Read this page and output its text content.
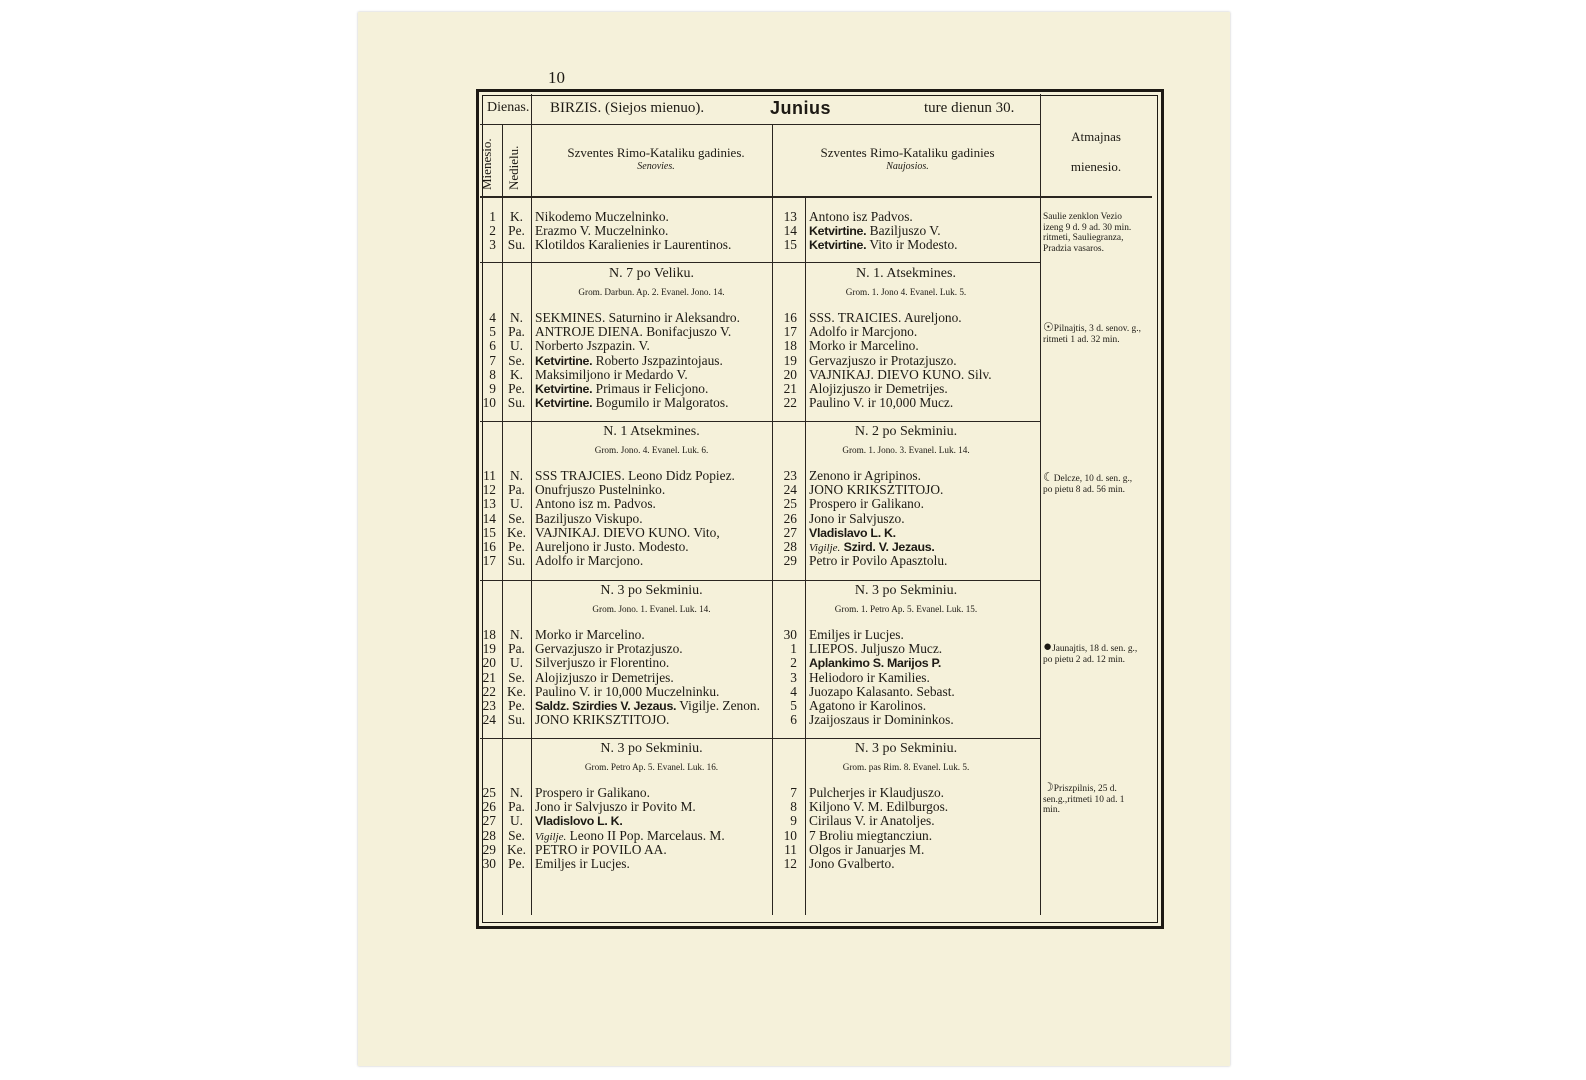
10
Dienas. BIRZIS. (Siejos mienuo).	Junius	ture dienun 30.
Mienesio. Nedielu.	Szventes Rimo-Kataliku gadinies.
Senovies.
Szventes Rimo-Kataliku gadinies
Naujosios.
Atmajnas mienesio.
1	K. Nikodemo Muczelninko.	13 Antono isz Padvos.
2 Pe. Erazmo V. Muczelninko.	14 Ketvirtine. Baziljuszo V.
3 Su. Klotildos Karalienies ir Laurentinos.	15 Ketvirtine. Vito ir Modesto.
N. 7 po Veliku.	N. 1. Atsekmines.
Grom. Darbun. Ap. 2. Evanel. Jono. 14.	Grom. 1. Jono 4. Evanel. Luk. 5.
4	N. SEKMINES. Saturnino ir Aleksandro.	16 SSS. TRAICIES. Aureljono.
5 Pa. ANTROJE DIENA. Bonifacjuszo V.	17 Adolfo ir Marcjono.
6	U. Norberto Jszpazin. V.	18 Morko ir Marcelino.
7 Se. Ketvirtine. Roberto Jszpazintojaus.	19 Gervazjuszo ir Protazjuszo.
8	K. Maksimiljono ir Medardo V.	20 VAJNIKAJ. DIEVO KUNO. Silv.
9 Pe. Ketvirtine. Primaus ir Felicjono.	21 Alojizjuszo ir Demetrijes.
10 Su. Ketvirtine. Bogumilo ir Malgoratos.	22 Paulino V. ir 10,000 Mucz.
N. 1 Atsekmines.	N. 2 po Sekminiu.
Grom. Jono. 4. Evanel. Luk. 6.	Grom. 1. Jono. 3. Evanel. Luk. 14.
11	N. SSS TRAJCIES. Leono Didz Popiez.	23 Zenono ir Agripinos.
12 Pa. Onufrjuszo Pustelninko.	24 JONO KRIKSZTITOJO.
13	U. Antono isz m. Padvos.	25 Prospero ir Galikano.
14 Se. Baziljuszo Viskupo.	26 Jono ir Salvjuszo.
15 Ke. VAJNIKAJ. DIEVO KUNO. Vito,	27 Vladislavo L. K.
16 Pe. Aureljono ir Justo. Modesto.	28 Vigilje. Szird. V. Jezaus.
17 Su. Adolfo ir Marcjono.	29 Petro ir Povilo Apasztolu.
N. 3 po Sekminiu.	N. 3 po Sekminiu.
Grom. Jono. 1. Evanel. Luk. 14.	Grom. 1. Petro Ap. 5. Evanel. Luk. 15.
18	N. Morko ir Marcelino.	30 Emiljes ir Lucjes.
19 Pa. Gervazjuszo ir Protazjuszo.	1 LIEPOS. Juljuszo Mucz.
20	U. Silverjuszo ir Florentino.	2 Aplankimo S. Marijos P.
21 Se. Alojizjuszo ir Demetrijes.	3 Heliodoro ir Kamilies.
22 Ke. Paulino V. ir 10,000 Muczelninku.	4 Juozapo Kalasanto. Sebast.
23 Pe. Saldz. Szirdies V. Jezaus. Vigilje. Zenon.	5 Agatono ir Karolinos.
24 Su. JONO KRIKSZTITOJO.	6 Jzaijoszaus ir Domininkos.
N. 3 po Sekminiu.	N. 3 po Sekminiu.
Grom. Petro Ap. 5. Evanel. Luk. 16.	Grom. pas Rim. 8. Evanel. Luk. 5.
25	N. Prospero ir Galikano.	7 Pulcherjes ir Klaudjuszo.
26 Pa. Jono ir Salvjuszo ir Povito M.	8 Kiljono V. M. Edilburgos.
27	U. Vladislovo L. K.	9 Cirilaus V. ir Anatoljes.
28 Se. Vigilje. Leono II Pop. Marcelaus. M.	10 7 Broliu miegtancziun.
29 Ke. PETRO ir POVILO AA.	11 Olgos ir Januarjes M.
30 Pe. Emiljes ir Lucjes.	12 Jono Gvalberto.
Saulie zenklon Vezio izeng 9 d. 9 ad. 30 min. ritmeti, Sauliegranza, Pradzia vasaros.
☉Pilnajtis, 3 d. senov. g., ritmeti 1 ad. 32 min.
☾Delcze, 10 d. sen. g., po pietu 8 ad. 56 min.
●Jaunajtis, 18 d. sen. g., po pietu 2 ad. 12 min.
☽Priszpilnis, 25 d. sen.g.,ritmeti 10 ad. 1 min.
